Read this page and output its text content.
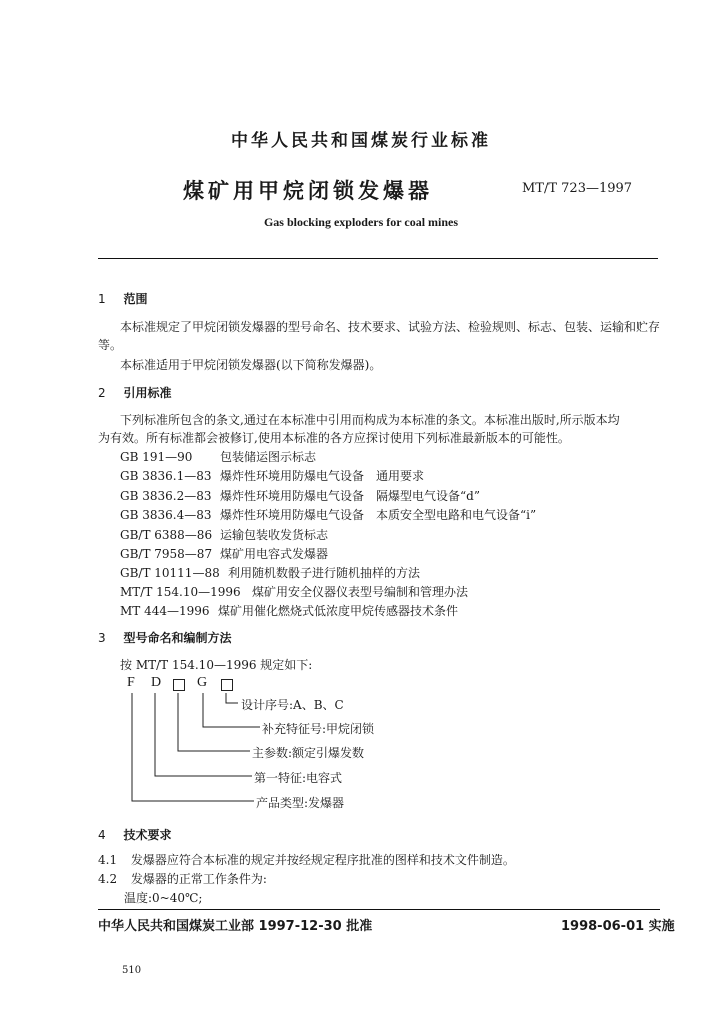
中华人民共和国煤炭行业标准
煤矿用甲烷闭锁发爆器	MT/T 723—1997
Gas blocking exploders for coal mines
1 范围
本标准规定了甲烷闭锁发爆器的型号命名、技术要求、试验方法、检验规则、标志、包装、运输和贮存
等。
本标准适用于甲烷闭锁发爆器(以下简称发爆器)。
2 引用标准
下列标准所包含的条文,通过在本标准中引用而构成为本标准的条文。本标准出版时,所示版本均
为有效。所有标准都会被修订,使用本标准的各方应探讨使用下列标准最新版本的可能性。
GB 191—90 包装储运图示标志
GB 3836.1—83 爆炸性环境用防爆电气设备　通用要求
GB 3836.2—83 爆炸性环境用防爆电气设备　隔爆型电气设备“d”
GB 3836.4—83 爆炸性环境用防爆电气设备　本质安全型电路和电气设备“i”
GB/T 6388—86 运输包装收发货标志
GB/T 7958—87 煤矿用电容式发爆器
GB/T 10111—88 利用随机数骰子进行随机抽样的方法
MT/T 154.10—1996 煤矿用安全仪器仪表型号编制和管理办法
MT 444—1996 煤矿用催化燃烧式低浓度甲烷传感器技术条件
3 型号命名和编制方法
按 MT/T 154.10—1996 规定如下:
F D	G
设计序号:A、B、C
补充特征号:甲烷闭锁
主参数:额定引爆发数
第一特征:电容式
产品类型:发爆器
4 技术要求
4.1 发爆器应符合本标准的规定并按经规定程序批准的图样和技术文件制造。
4.2 发爆器的正常工作条件为:
温度:0~40℃;
中华人民共和国煤炭工业部 1997-12-30 批准	1998-06-01 实施
510
